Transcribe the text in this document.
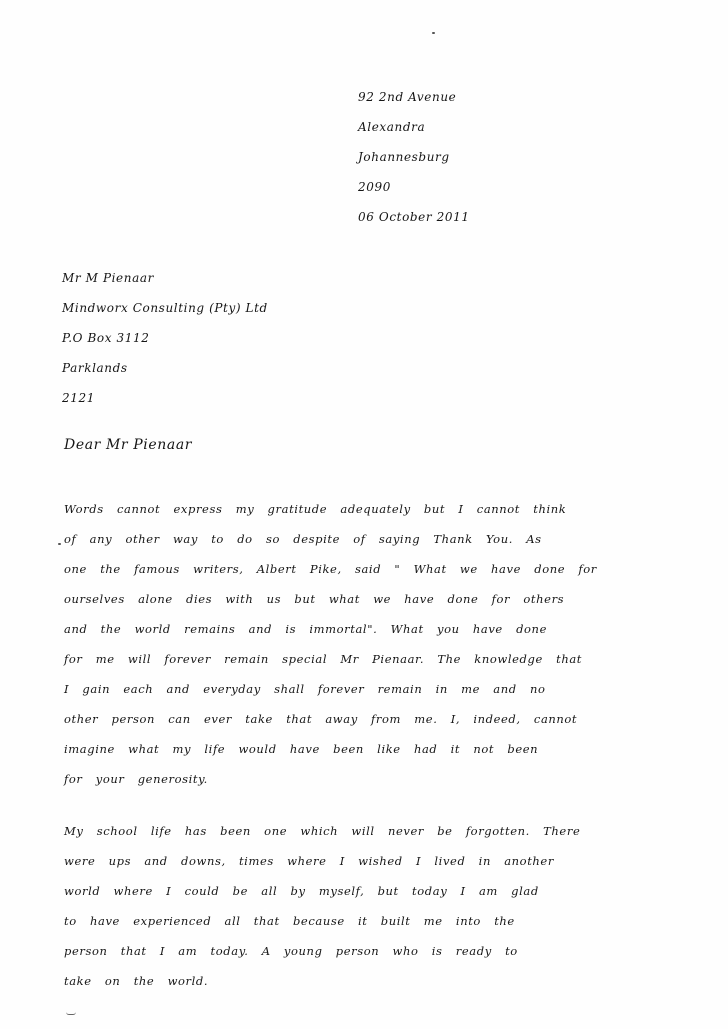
92 2nd Avenue
Alexandra
Johannesburg
2090
06 October 2011
Mr M Pienaar
Mindworx Consulting (Pty) Ltd
P.O Box 3112
Parklands
2121
Dear Mr Pienaar
Words cannot express my gratitude adequately but I cannot think
of any other way to do so despite of saying Thank You. As
one the famous writers, Albert Pike, said " What we have done for
ourselves alone dies with us but what we have done for others
and the world remains and is immortal". What you have done
for me will forever remain special Mr Pienaar. The knowledge that
I gain each and everyday shall forever remain in me and no
other person can ever take that away from me. I, indeed, cannot
imagine what my life would have been like had it not been
for your generosity.
My school life has been one which will never be forgotten. There
were ups and downs, times where I wished I lived in another
world where I could be all by myself, but today I am glad
to have experienced all that because it built me into the
person that I am today. A young person who is ready to
take on the world.
